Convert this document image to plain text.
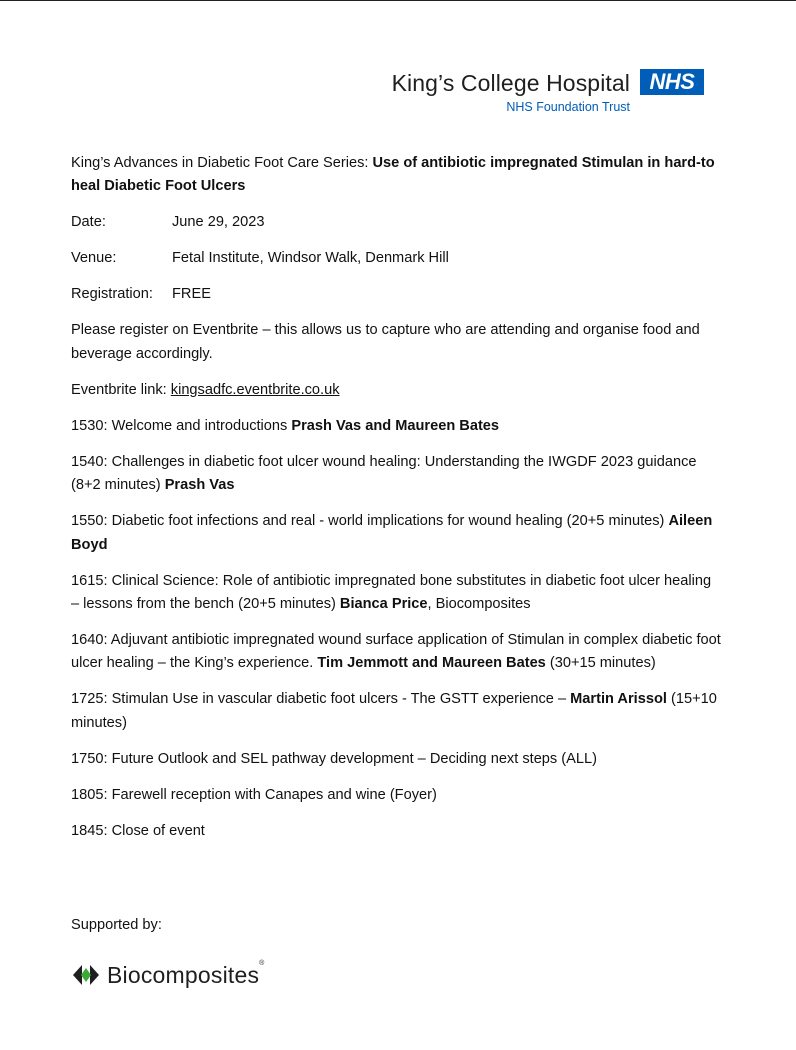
King’s College Hospital NHS
NHS Foundation Trust

King’s Advances in Diabetic Foot Care Series: Use of antibiotic impregnated Stimulan in hard-to heal Diabetic Foot Ulcers

Date:	June 29, 2023
Venue:	Fetal Institute, Windsor Walk, Denmark Hill
Registration:	FREE

Please register on Eventbrite – this allows us to capture who are attending and organise food and beverage accordingly.

Eventbrite link: kingsadfc.eventbrite.co.uk

1530: Welcome and introductions Prash Vas and Maureen Bates

1540: Challenges in diabetic foot ulcer wound healing: Understanding the IWGDF 2023 guidance (8+2 minutes) Prash Vas

1550: Diabetic foot infections and real - world implications for wound healing (20+5 minutes) Aileen Boyd

1615: Clinical Science: Role of antibiotic impregnated bone substitutes in diabetic foot ulcer healing – lessons from the bench (20+5 minutes) Bianca Price, Biocomposites

1640: Adjuvant antibiotic impregnated wound surface application of Stimulan in complex diabetic foot ulcer healing – the King’s experience. Tim Jemmott and Maureen Bates (30+15 minutes)

1725: Stimulan Use in vascular diabetic foot ulcers - The GSTT experience – Martin Arissol (15+10 minutes)

1750: Future Outlook and SEL pathway development – Deciding next steps (ALL)

1805: Farewell reception with Canapes and wine (Foyer)

1845: Close of event

Supported by:
Biocomposites®
